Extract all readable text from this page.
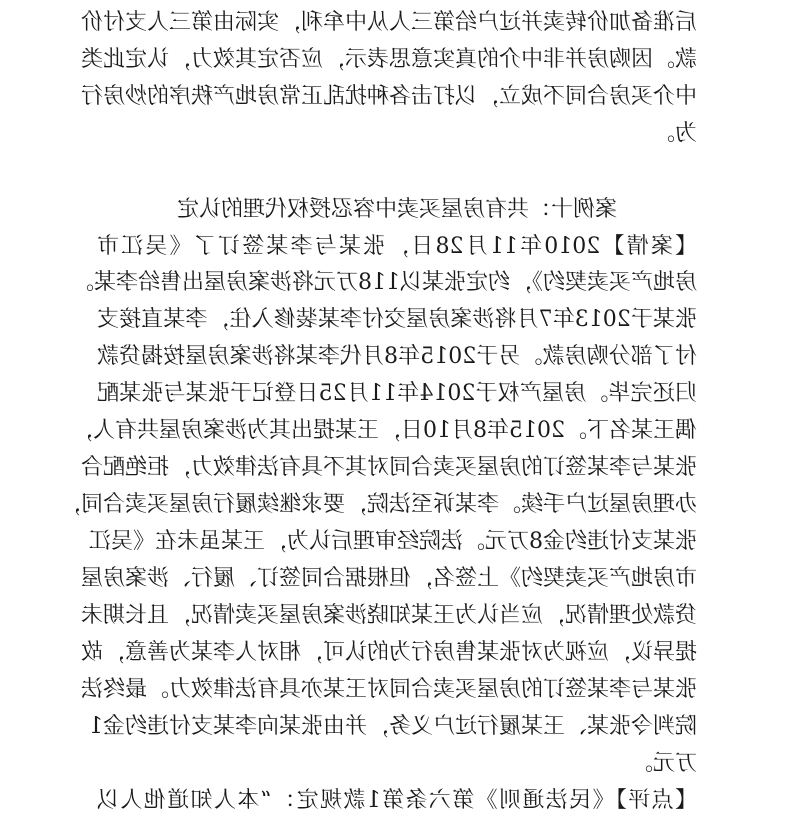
后准备加价转卖并过户给第三人从中牟利，实际由第三人支付价
款。因购房并非中介的真实意思表示，应否定其效力，认定此类
中介买房合同不成立，以打击各种扰乱正常房地产秩序的炒房行
为。
案例十：共有房屋买卖中容忍授权代理的认定
【案情】2010年11月28日，张某与李某签订了《吴江市
房地产买卖契约》，约定张某以118万元将涉案房屋出售给李某。
张某于2013年7月将涉案房屋交付李某装修入住，李某直接支
付了部分购房款。另于2015年8月代李某将涉案房屋按揭贷款
归还完毕。房屋产权于2014年11月25日登记于张某与张某配
偶王某名下。2015年8月10日，王某提出其为涉案房屋共有人，
张某与李某签订的房屋买卖合同对其不具有法律效力，拒绝配合
办理房屋过户手续。李某诉至法院，要求继续履行房屋买卖合同，
张某支付违约金8万元。法院经审理后认为，王某虽未在《吴江
市房地产买卖契约》上签名，但根据合同签订、履行、涉案房屋
贷款处理情况，应当认为王某知晓涉案房屋买卖情况，且长期未
提异议，应视为对张某售房行为的认可，相对人李某为善意，故
张某与李某签订的房屋买卖合同对王某亦具有法律效力。最终法
院判令张某、王某履行过户义务，并由张某向李某支付违约金1
万元。
【点评】《民法通则》第六条第1款规定：“本人知道他人以
